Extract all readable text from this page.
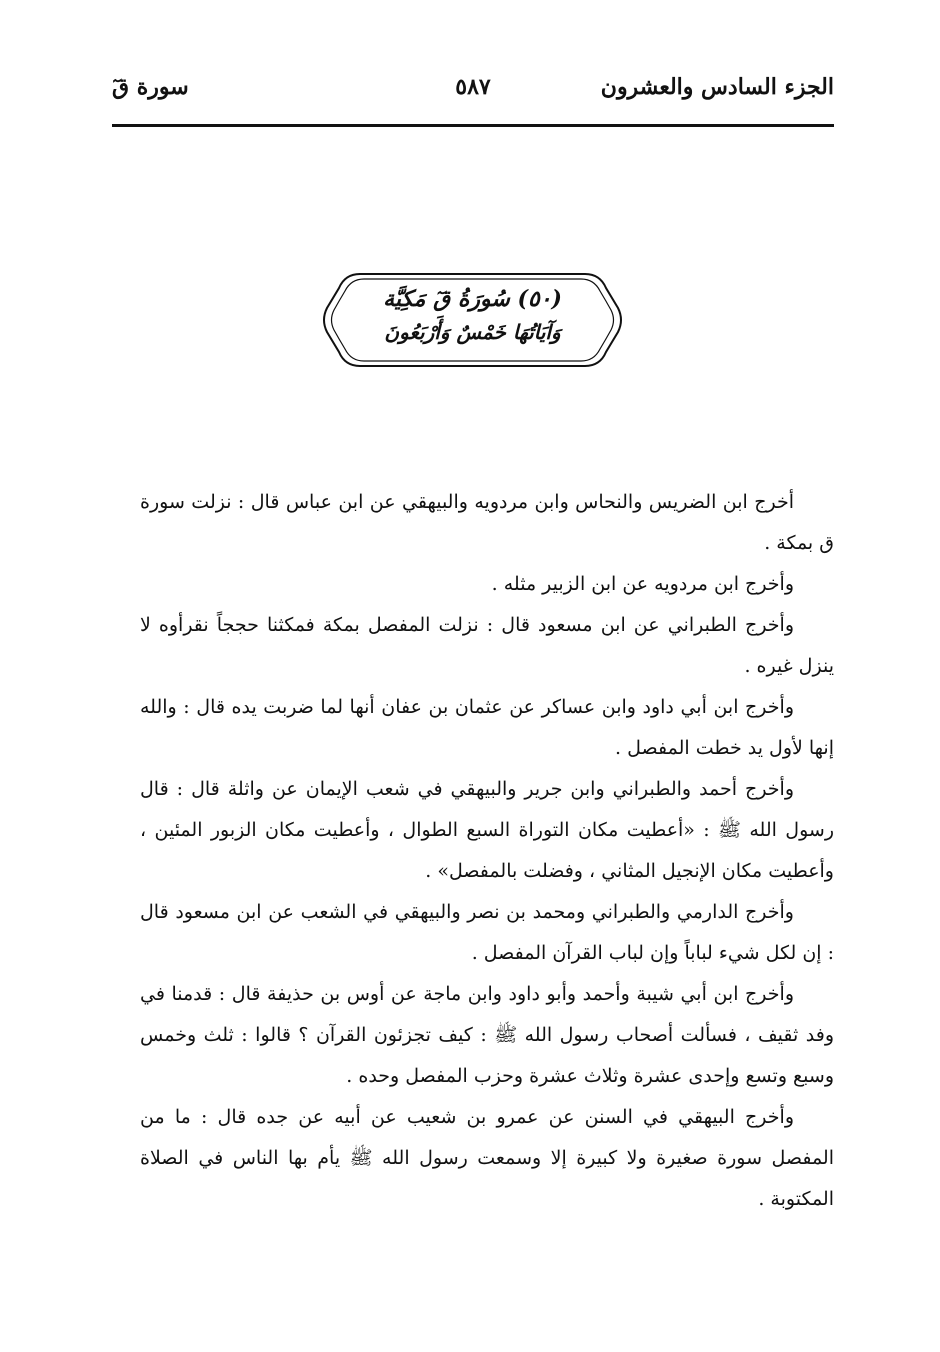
الجزء السادس والعشرون
٥٨٧
سورة قٓ
(٥٠) سُورَةُ قٓ مَكِيَّة
وَآيَاتُهَا خَمْسٌ وَأَرْبَعُونَ

أخرج ابن الضريس والنحاس وابن مردويه والبيهقي عن ابن عباس قال : نزلت سورة ق بمكة .

وأخرج ابن مردويه عن ابن الزبير مثله .

وأخرج الطبراني عن ابن مسعود قال : نزلت المفصل بمكة فمكثنا حججاً نقرأوه لا ينزل غيره .

وأخرج ابن أبي داود وابن عساكر عن عثمان بن عفان أنها لما ضربت يده قال : والله إنها لأول يد خطت المفصل .

وأخرج أحمد والطبراني وابن جرير والبيهقي في شعب الإيمان عن واثلة قال : قال رسول الله ﷺ : «أعطيت مكان التوراة السبع الطوال ، وأعطيت مكان الزبور المئين ، وأعطيت مكان الإنجيل المثاني ، وفضلت بالمفصل» .

وأخرج الدارمي والطبراني ومحمد بن نصر والبيهقي في الشعب عن ابن مسعود قال : إن لكل شيء لباباً وإن لباب القرآن المفصل .

وأخرج ابن أبي شيبة وأحمد وأبو داود وابن ماجة عن أوس بن حذيفة قال : قدمنا في وفد ثقيف ، فسألت أصحاب رسول الله ﷺ : كيف تجزئون القرآن ؟ قالوا : ثلث وخمس وسبع وتسع وإحدى عشرة وثلاث عشرة وحزب المفصل وحده .

وأخرج البيهقي في السنن عن عمرو بن شعيب عن أبيه عن جده قال : ما من المفصل سورة صغيرة ولا كبيرة إلا وسمعت رسول الله ﷺ يأم بها الناس في الصلاة المكتوبة .
